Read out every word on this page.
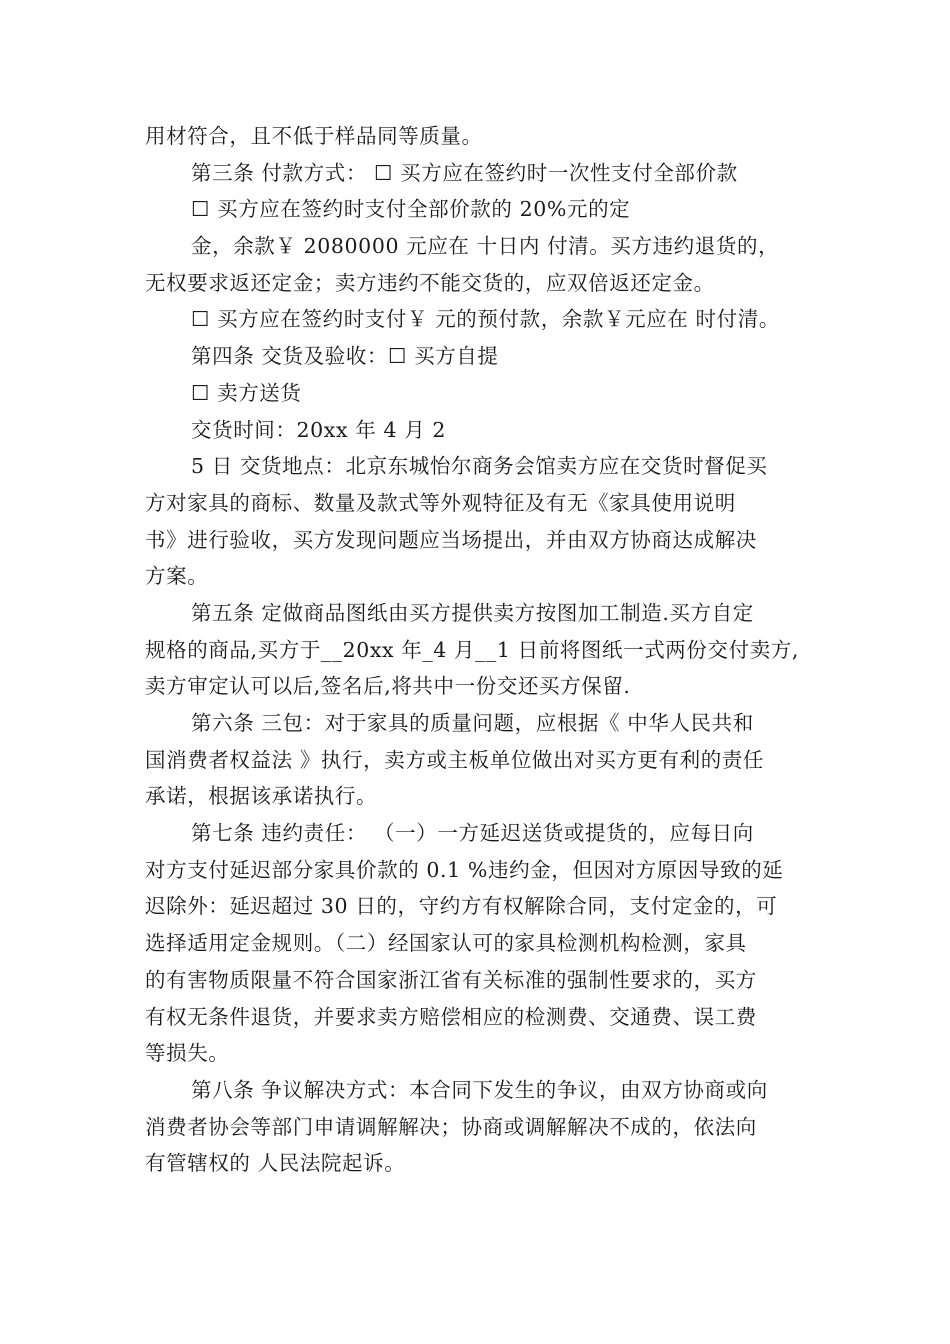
用材符合，且不低于样品同等质量。
第三条 付款方式： ☐ 买方应在签约时一次性支付全部价款
☐ 买方应在签约时支付全部价款的 20%元的定
金，余款￥ 2080000 元应在 十日内 付清。买方违约退货的，
无权要求返还定金；卖方违约不能交货的，应双倍返还定金。
☐ 买方应在签约时支付￥ 元的预付款，余款￥元应在 时付清。
第四条 交货及验收：☐ 买方自提
☐ 卖方送货
交货时间：20xx 年 4 月 2
5 日 交货地点：北京东城怡尔商务会馆卖方应在交货时督促买
方对家具的商标、数量及款式等外观特征及有无《家具使用说明
书》进行验收，买方发现问题应当场提出，并由双方协商达成解决
方案。
第五条 定做商品图纸由买方提供卖方按图加工制造.买方自定
规格的商品,买方于__20xx 年_4 月__1 日前将图纸一式两份交付卖方,
卖方审定认可以后,签名后,将共中一份交还买方保留.
第六条 三包：对于家具的质量问题，应根据《 中华人民共和
国消费者权益法 》执行，卖方或主板单位做出对买方更有利的责任
承诺，根据该承诺执行。
第七条 违约责任： （一）一方延迟送货或提货的，应每日向
对方支付延迟部分家具价款的 0.1 %违约金，但因对方原因导致的延
迟除外：延迟超过 30 日的，守约方有权解除合同，支付定金的，可
选择适用定金规则。（二）经国家认可的家具检测机构检测，家具
的有害物质限量不符合国家浙江省有关标准的强制性要求的，买方
有权无条件退货，并要求卖方赔偿相应的检测费、交通费、误工费
等损失。
第八条 争议解决方式：本合同下发生的争议，由双方协商或向
消费者协会等部门申请调解解决；协商或调解解决不成的，依法向
有管辖权的 人民法院起诉。
